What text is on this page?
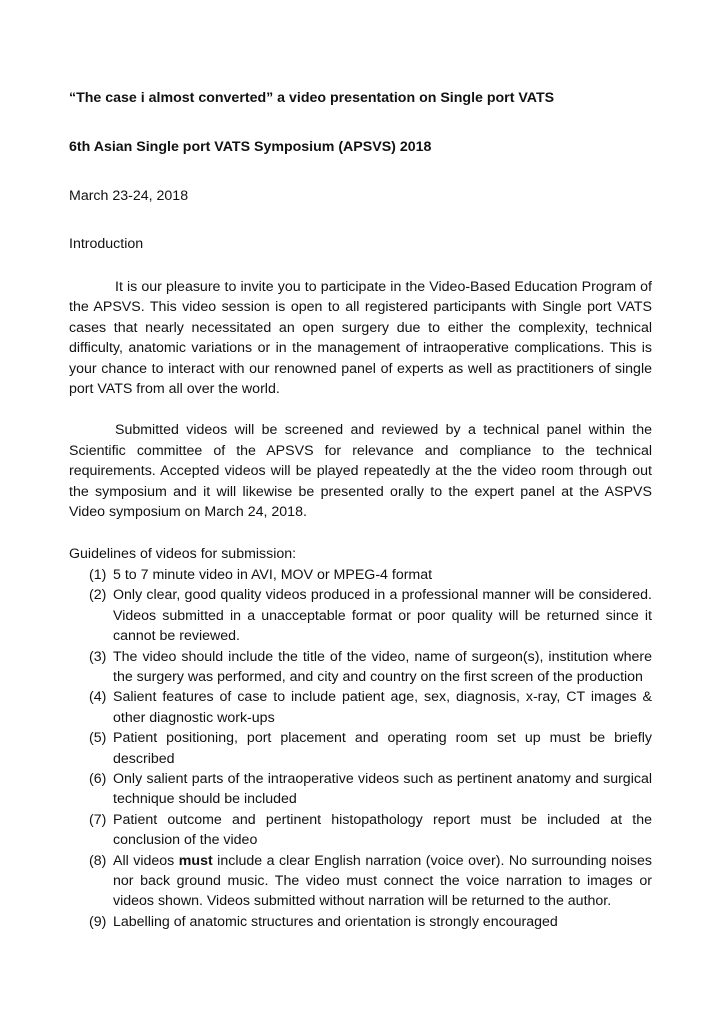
“The case i almost converted” a video presentation on Single port VATS

6th Asian Single port VATS Symposium (APSVS) 2018

March 23-24, 2018

Introduction

It is our pleasure to invite you to participate in the Video-Based Education Program of the APSVS. This video session is open to all registered participants with Single port VATS cases that nearly necessitated an open surgery due to either the complexity, technical difficulty, anatomic variations or in the management of intraoperative complications. This is your chance to interact with our renowned panel of experts as well as practitioners of single port VATS from all over the world.

Submitted videos will be screened and reviewed by a technical panel within the Scientific committee of the APSVS for relevance and compliance to the technical requirements. Accepted videos will be played repeatedly at the the video room through out the symposium and it will likewise be presented orally to the expert panel at the ASPVS Video symposium on March 24, 2018.

Guidelines of videos for submission:

(1) 5 to 7 minute video in AVI, MOV or MPEG-4 format
(2) Only clear, good quality videos produced in a professional manner will be considered. Videos submitted in a unacceptable format or poor quality will be returned since it cannot be reviewed.
(3) The video should include the title of the video, name of surgeon(s), institution where the surgery was performed, and city and country on the first screen of the production
(4) Salient features of case to include patient age, sex, diagnosis, x-ray, CT images & other diagnostic work-ups
(5) Patient positioning, port placement and operating room set up must be briefly described
(6) Only salient parts of the intraoperative videos such as pertinent anatomy and surgical technique should be included
(7) Patient outcome and pertinent histopathology report must be included at the conclusion of the video
(8) All videos must include a clear English narration (voice over). No surrounding noises nor back ground music. The video must connect the voice narration to images or videos shown. Videos submitted without narration will be returned to the author.
(9) Labelling of anatomic structures and orientation is strongly encouraged
